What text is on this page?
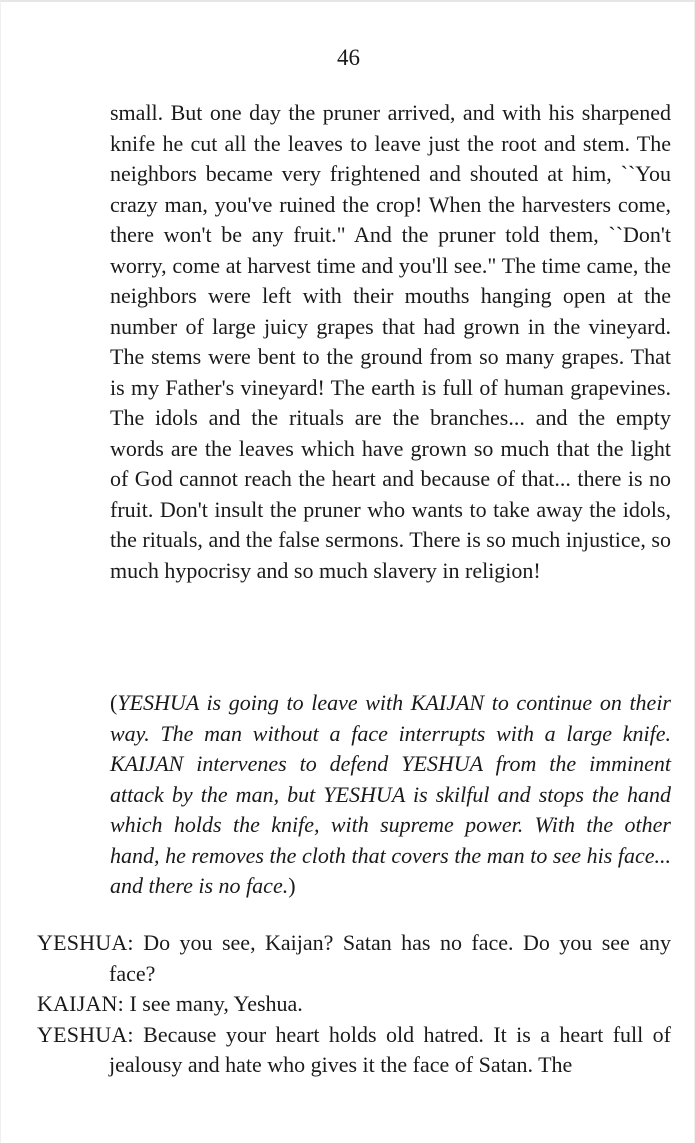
46

small. But one day the pruner arrived, and with his sharpened knife he cut all the leaves to leave just the root and stem. The neighbors became very frightened and shouted at him, ``You crazy man, you've ruined the crop! When the harvesters come, there won't be any fruit." And the pruner told them, ``Don't worry, come at harvest time and you'll see." The time came, the neighbors were left with their mouths hanging open at the number of large juicy grapes that had grown in the vineyard. The stems were bent to the ground from so many grapes. That is my Father's vineyard! The earth is full of human grapevines. The idols and the rituals are the branches... and the empty words are the leaves which have grown so much that the light of God cannot reach the heart and because of that... there is no fruit. Don't insult the pruner who wants to take away the idols, the rituals, and the false sermons. There is so much injustice, so much hypocrisy and so much slavery in religion!

(YESHUA is going to leave with KAIJAN to continue on their way. The man without a face interrupts with a large knife. KAIJAN intervenes to defend YESHUA from the imminent attack by the man, but YESHUA is skilful and stops the hand which holds the knife, with supreme power. With the other hand, he removes the cloth that covers the man to see his face... and there is no face.)

YESHUA: Do you see, Kaijan? Satan has no face. Do you see any face?

KAIJAN: I see many, Yeshua.

YESHUA: Because your heart holds old hatred. It is a heart full of jealousy and hate who gives it the face of Satan. The
